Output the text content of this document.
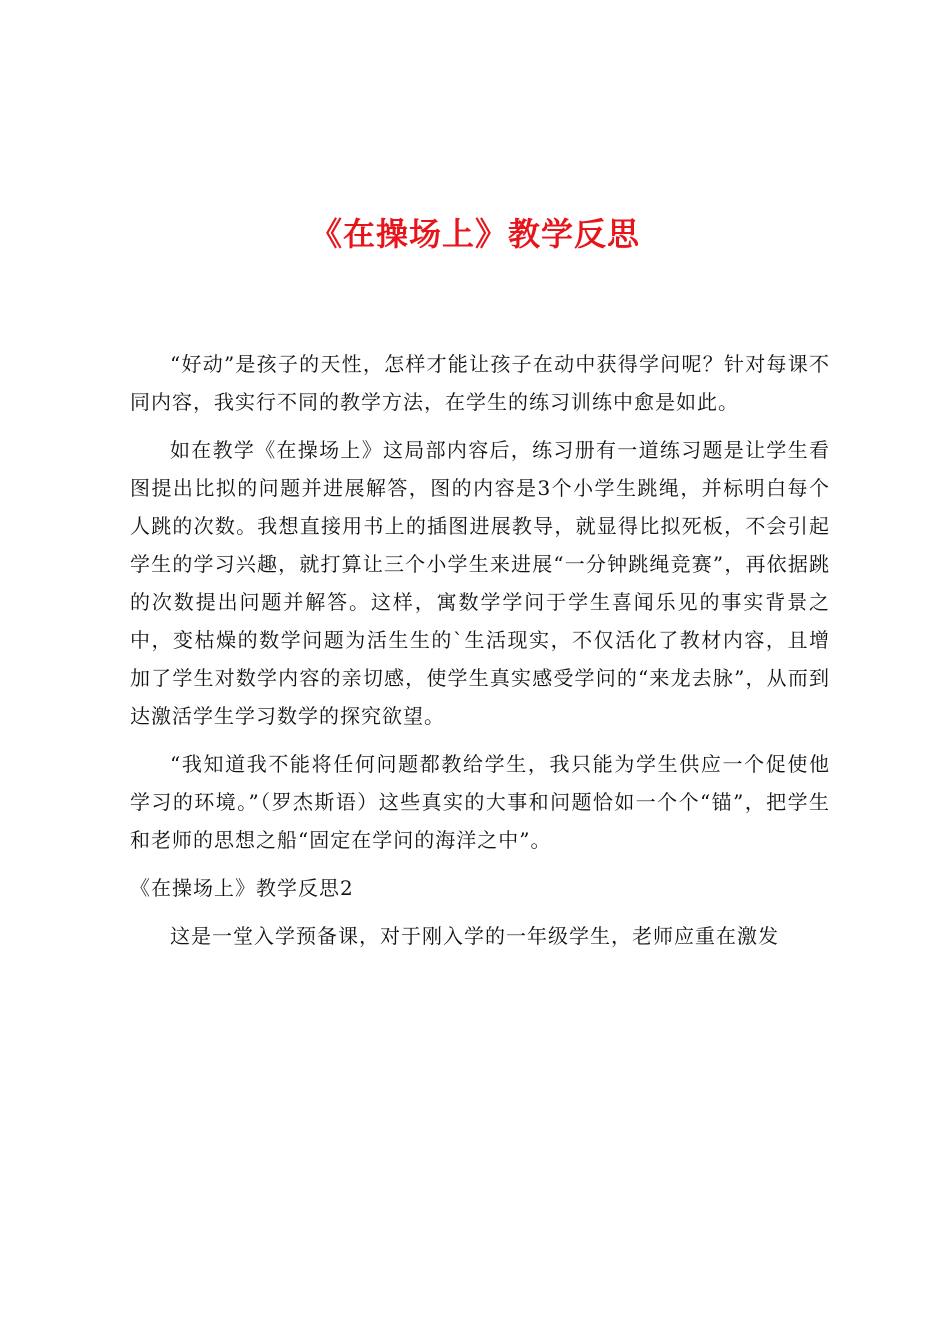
《在操场上》教学反思

“好动”是孩子的天性，怎样才能让孩子在动中获得学问呢？针对每课不同内容，我实行不同的教学方法，在学生的练习训练中愈是如此。

如在教学《在操场上》这局部内容后，练习册有一道练习题是让学生看图提出比拟的问题并进展解答，图的内容是3个小学生跳绳，并标明白每个人跳的次数。我想直接用书上的插图进展教导，就显得比拟死板，不会引起学生的学习兴趣，就打算让三个小学生来进展“一分钟跳绳竞赛”，再依据跳的次数提出问题并解答。这样，寓数学学问于学生喜闻乐见的事实背景之中，变枯燥的数学问题为活生生的`生活现实，不仅活化了教材内容，且增加了学生对数学内容的亲切感，使学生真实感受学问的“来龙去脉”，从而到达激活学生学习数学的探究欲望。

“我知道我不能将任何问题都教给学生，我只能为学生供应一个促使他学习的环境。”（罗杰斯语）这些真实的大事和问题恰如一个个“锚”，把学生和老师的思想之船“固定在学问的海洋之中”。

《在操场上》教学反思2

这是一堂入学预备课，对于刚入学的一年级学生，老师应重在激发
